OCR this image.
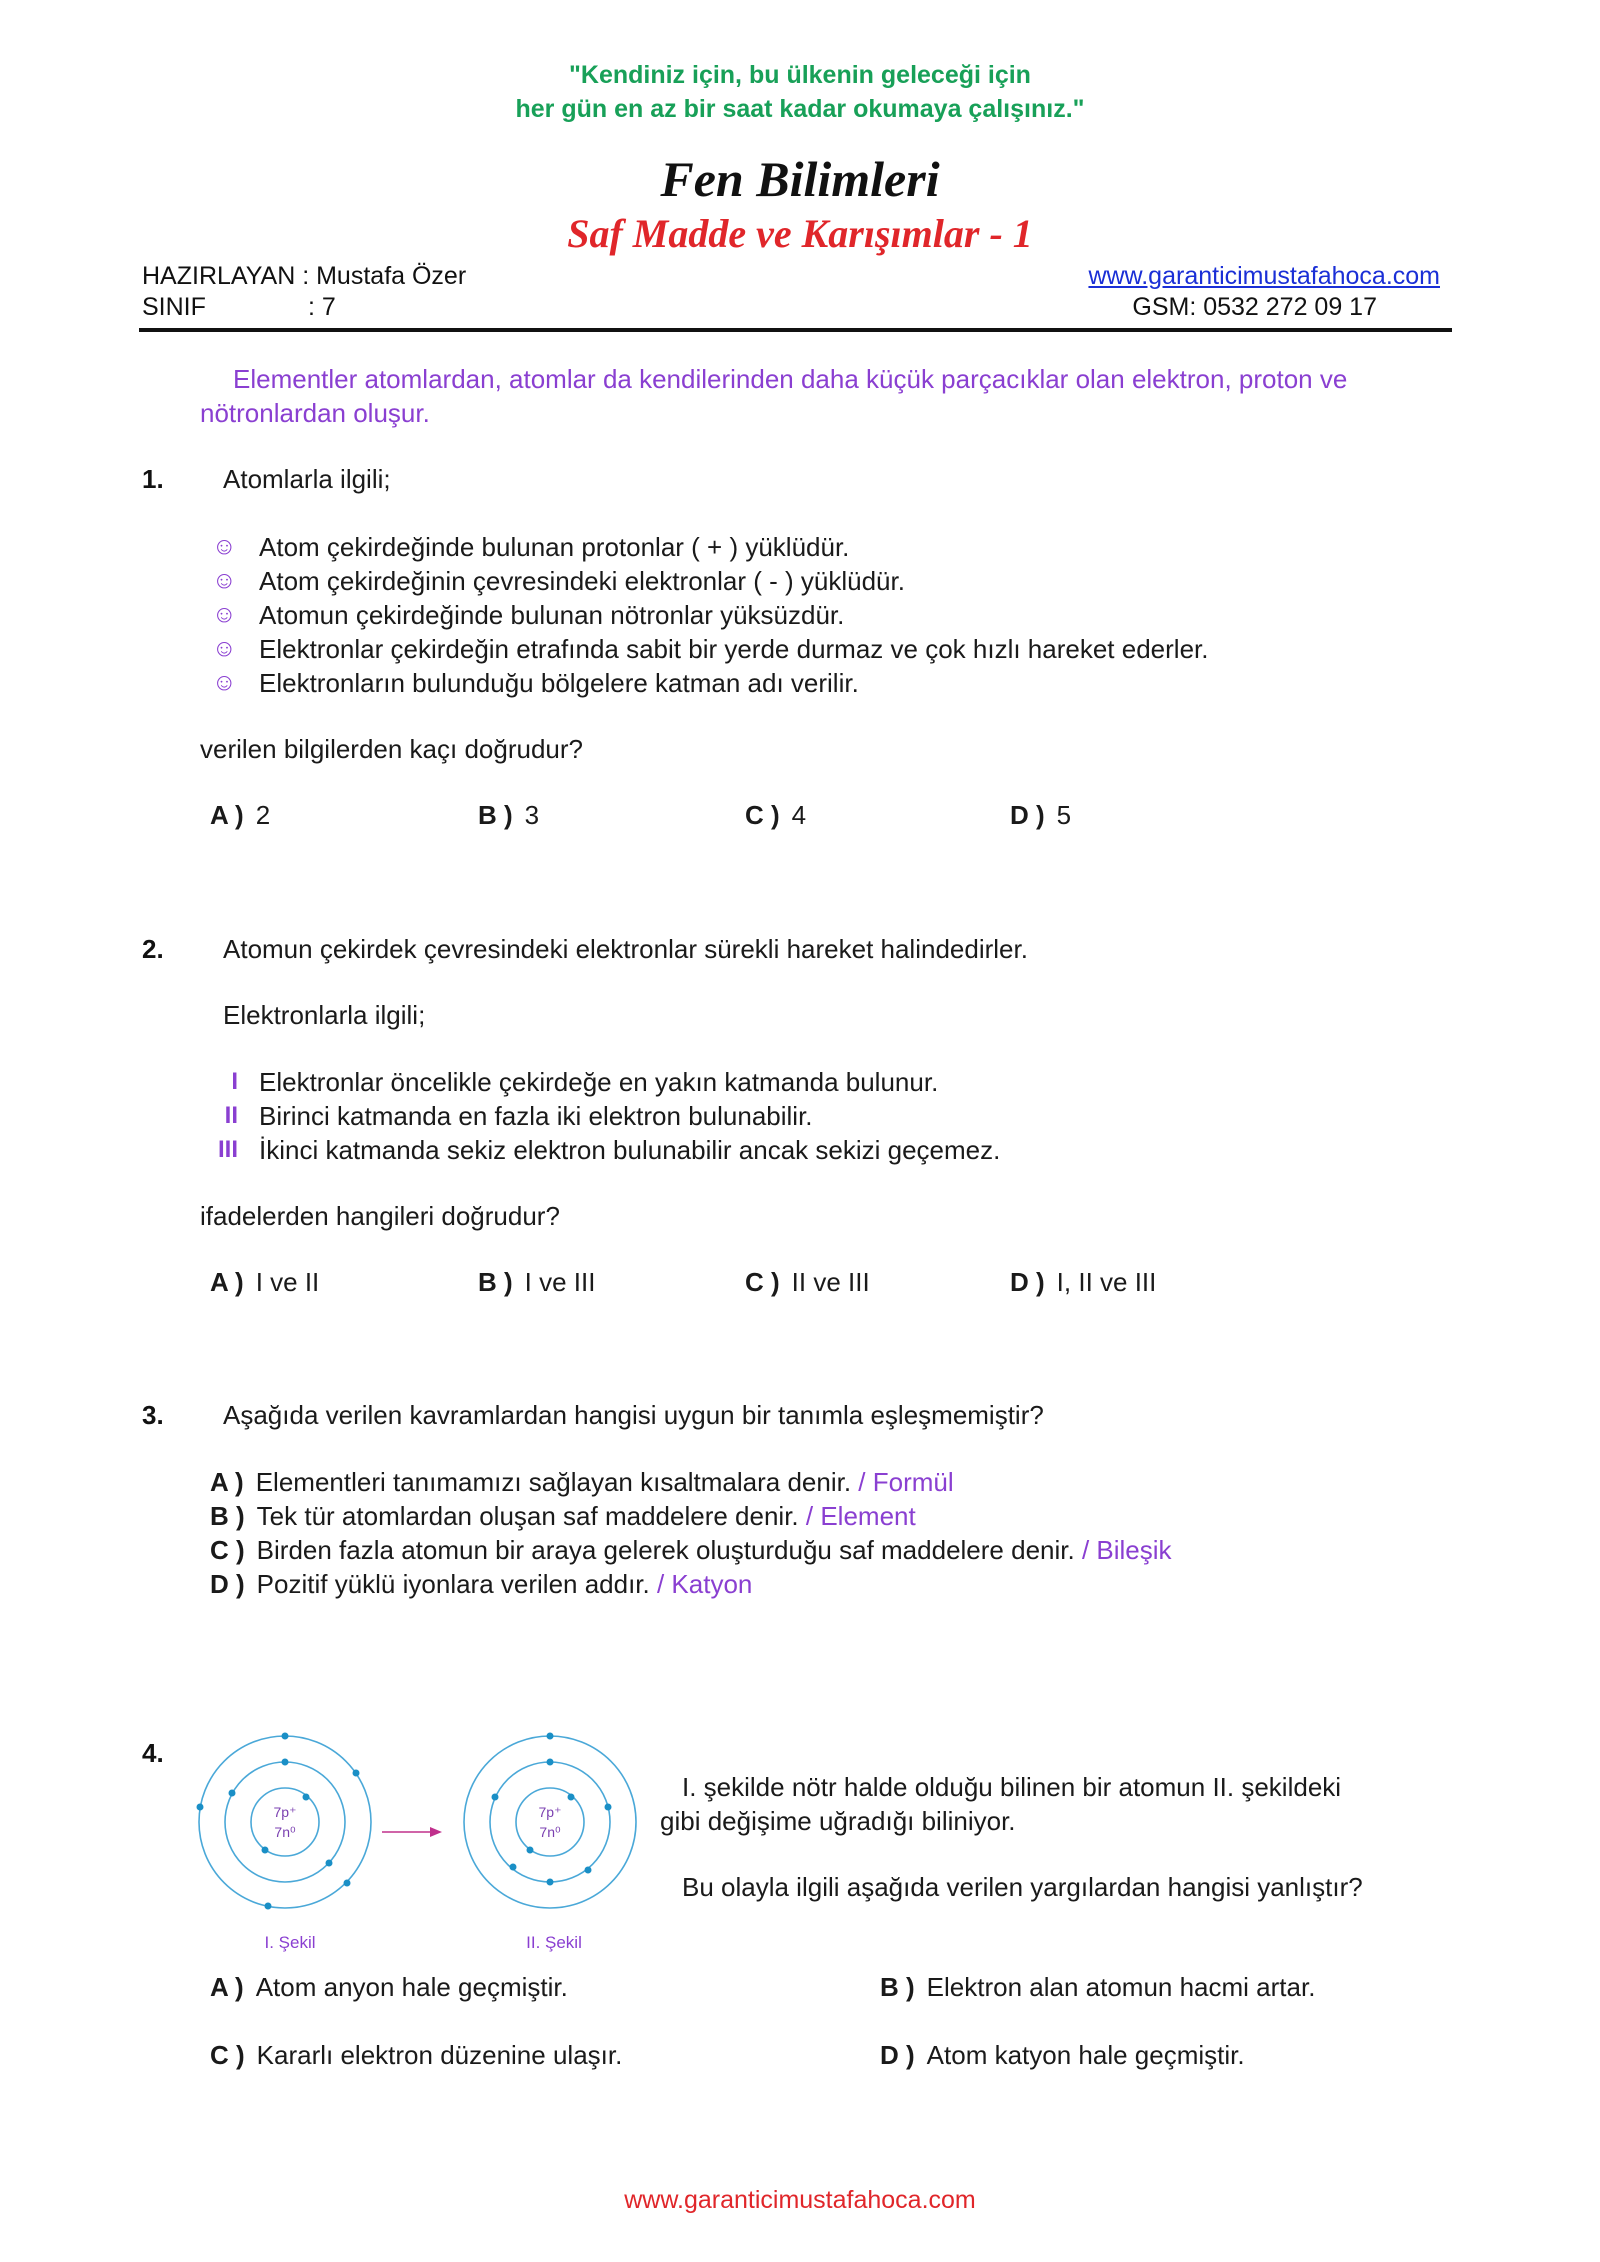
"Kendiniz için, bu ülkenin geleceği için
her gün en az bir saat kadar okumaya çalışınız."
Fen Bilimleri
Saf Madde ve Karışımlar - 1
HAZIRLAYAN : Mustafa Özer
SINIF	: 7
www.garanticimustafahoca.com
GSM: 0532 272 09 17

Elementler atomlardan, atomlar da kendilerinden daha küçük parçacıklar olan elektron, proton ve

nötronlardan oluşur.

1. Atomlarla ilgili;
☺ Atom çekirdeğinde bulunan protonlar ( + ) yüklüdür.
☺ Atom çekirdeğinin çevresindeki elektronlar ( - ) yüklüdür.
☺ Atomun çekirdeğinde bulunan nötronlar yüksüzdür.
☺ Elektronlar çekirdeğin etrafında sabit bir yerde durmaz ve çok hızlı hareket ederler.
☺ Elektronların bulunduğu bölgelere katman adı verilir.
verilen bilgilerden kaçı doğrudur?
A ) 2	B ) 3	C ) 4	D ) 5
2. Atomun çekirdek çevresindeki elektronlar sürekli hareket halindedirler.
Elektronlarla ilgili;
I Elektronlar öncelikle çekirdeğe en yakın katmanda bulunur.
II Birinci katmanda en fazla iki elektron bulunabilir.
III İkinci katmanda sekiz elektron bulunabilir ancak sekizi geçemez.
ifadelerden hangileri doğrudur?
A ) I ve II	B ) I ve III	C ) II ve III	D ) I, II ve III
3. Aşağıda verilen kavramlardan hangisi uygun bir tanımla eşleşmemiştir?
A ) Elementleri tanımamızı sağlayan kısaltmalara denir. / Formül
B ) Tek tür atomlardan oluşan saf maddelere denir. / Element
C ) Birden fazla atomun bir araya gelerek oluşturduğu saf maddelere denir. / Bileşik
D ) Pozitif yüklü iyonlara verilen addır. / Katyon
4.
7p⁺
7n⁰
7p⁺
7n⁰
I. Şekil	II. Şekil
I. şekilde nötr halde olduğu bilinen bir atomun II. şekildeki
gibi değişime uğradığı biliniyor.
Bu olayla ilgili aşağıda verilen yargılardan hangisi yanlıştır?
A ) Atom anyon hale geçmiştir.	B ) Elektron alan atomun hacmi artar.
C ) Kararlı elektron düzenine ulaşır.	D ) Atom katyon hale geçmiştir.
www.garanticimustafahoca.com
